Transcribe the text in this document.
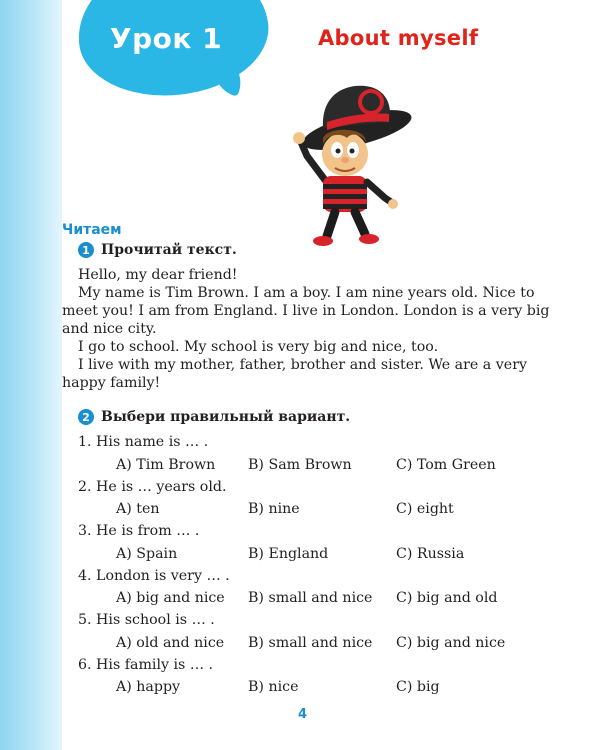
Урок 1	About myself
Читаем
1 Прочитай текст.

Hello, my dear friend!

My name is Tim Brown. I am a boy. I am nine years old. Nice to meet you! I am from England. I live in London. London is a very big and nice city.

I go to school. My school is very big and nice, too.

I live with my mother, father, brother and sister. We are a very happy family!

2 Выбери правильный вариант.
1. His name is … .
A) Tim Brown B) Sam Brown	C) Tom Green
2. He is … years old.
A) ten	B) nine	C) eight
3. He is from … .
A) Spain	B) England	C) Russia
4. London is very … .
A) big and nice B) small and nice C) big and old
5. His school is … .
A) old and nice B) small and nice C) big and nice
6. His family is … .
A) happy	B) nice	C) big

4
